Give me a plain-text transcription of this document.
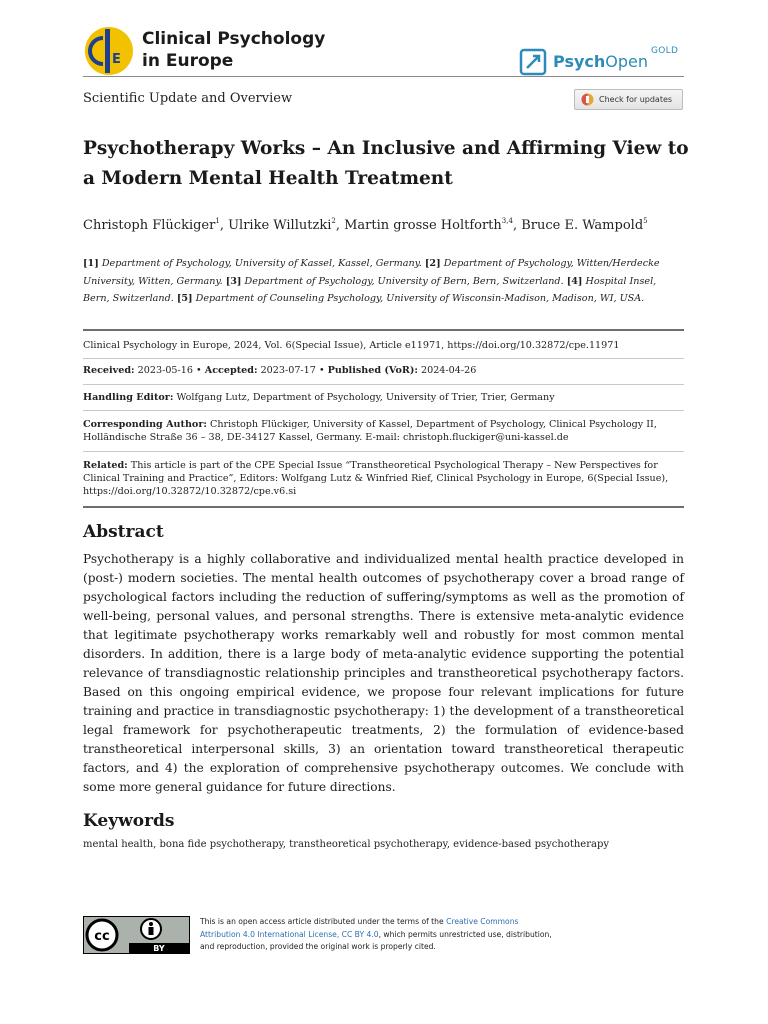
E
Clinical Psychology
in Europe	PsychOpen
GOLD
Scientific Update and Overview	Check for updates
Psychotherapy Works – An Inclusive and Affirming View to a Modern Mental Health Treatment
Christoph Flückiger$^1$, Ulrike Willutzki$^2$, Martin grosse Holtforth$^{3,4}$, Bruce E. Wampold$^5$
[1] Department of Psychology, University of Kassel, Kassel, Germany. [2] Department of Psychology, Witten/Herdecke University, Witten, Germany. [3] Department of Psychology, University of Bern, Bern, Switzerland. [4] Hospital Insel, Bern, Switzerland. [5] Department of Counseling Psychology, University of Wisconsin-Madison, Madison, WI, USA.
Clinical Psychology in Europe, 2024, Vol. 6(Special Issue), Article e11971, https://doi.org/10.32872/cpe.11971
Received: 2023-05-16 • Accepted: 2023-07-17 • Published (VoR): 2024-04-26
Handling Editor: Wolfgang Lutz, Department of Psychology, University of Trier, Trier, Germany
Corresponding Author: Christoph Flückiger, University of Kassel, Department of Psychology, Clinical Psychology II, Holländische Straße 36 – 38, DE-34127 Kassel, Germany. E-mail: christoph.fluckiger@uni-kassel.de
Related: This article is part of the CPE Special Issue “Transtheoretical Psychological Therapy – New Perspectives for Clinical Training and Practice”, Editors: Wolfgang Lutz & Winfried Rief, Clinical Psychology in Europe, 6(Special Issue), https://doi.org/10.32872/10.32872/cpe.v6.si
Abstract

Psychotherapy is a highly collaborative and individualized mental health practice developed in (post-) modern societies. The mental health outcomes of psychotherapy cover a broad range of psychological factors including the reduction of suffering/symptoms as well as the promotion of well-being, personal values, and personal strengths. There is extensive meta-analytic evidence that legitimate psychotherapy works remarkably well and robustly for most common mental disorders. In addition, there is a large body of meta-analytic evidence supporting the potential relevance of transdiagnostic relationship principles and transtheoretical psychotherapy factors. Based on this ongoing empirical evidence, we propose four relevant implications for future training and practice in transdiagnostic psychotherapy: 1) the development of a transtheoretical legal framework for psychotherapeutic treatments, 2) the formulation of evidence-based transtheoretical interpersonal skills, 3) an orientation toward transtheoretical therapeutic factors, and 4) the exploration of comprehensive psychotherapy outcomes. We conclude with some more general guidance for future directions.

Keywords
mental health, bona fide psychotherapy, transtheoretical psychotherapy, evidence-based psychotherapy
cc
BY
This is an open access article distributed under the terms of the Creative Commons Attribution 4.0 International License, CC BY 4.0, which permits unrestricted use, distribution, and reproduction, provided the original work is properly cited.
